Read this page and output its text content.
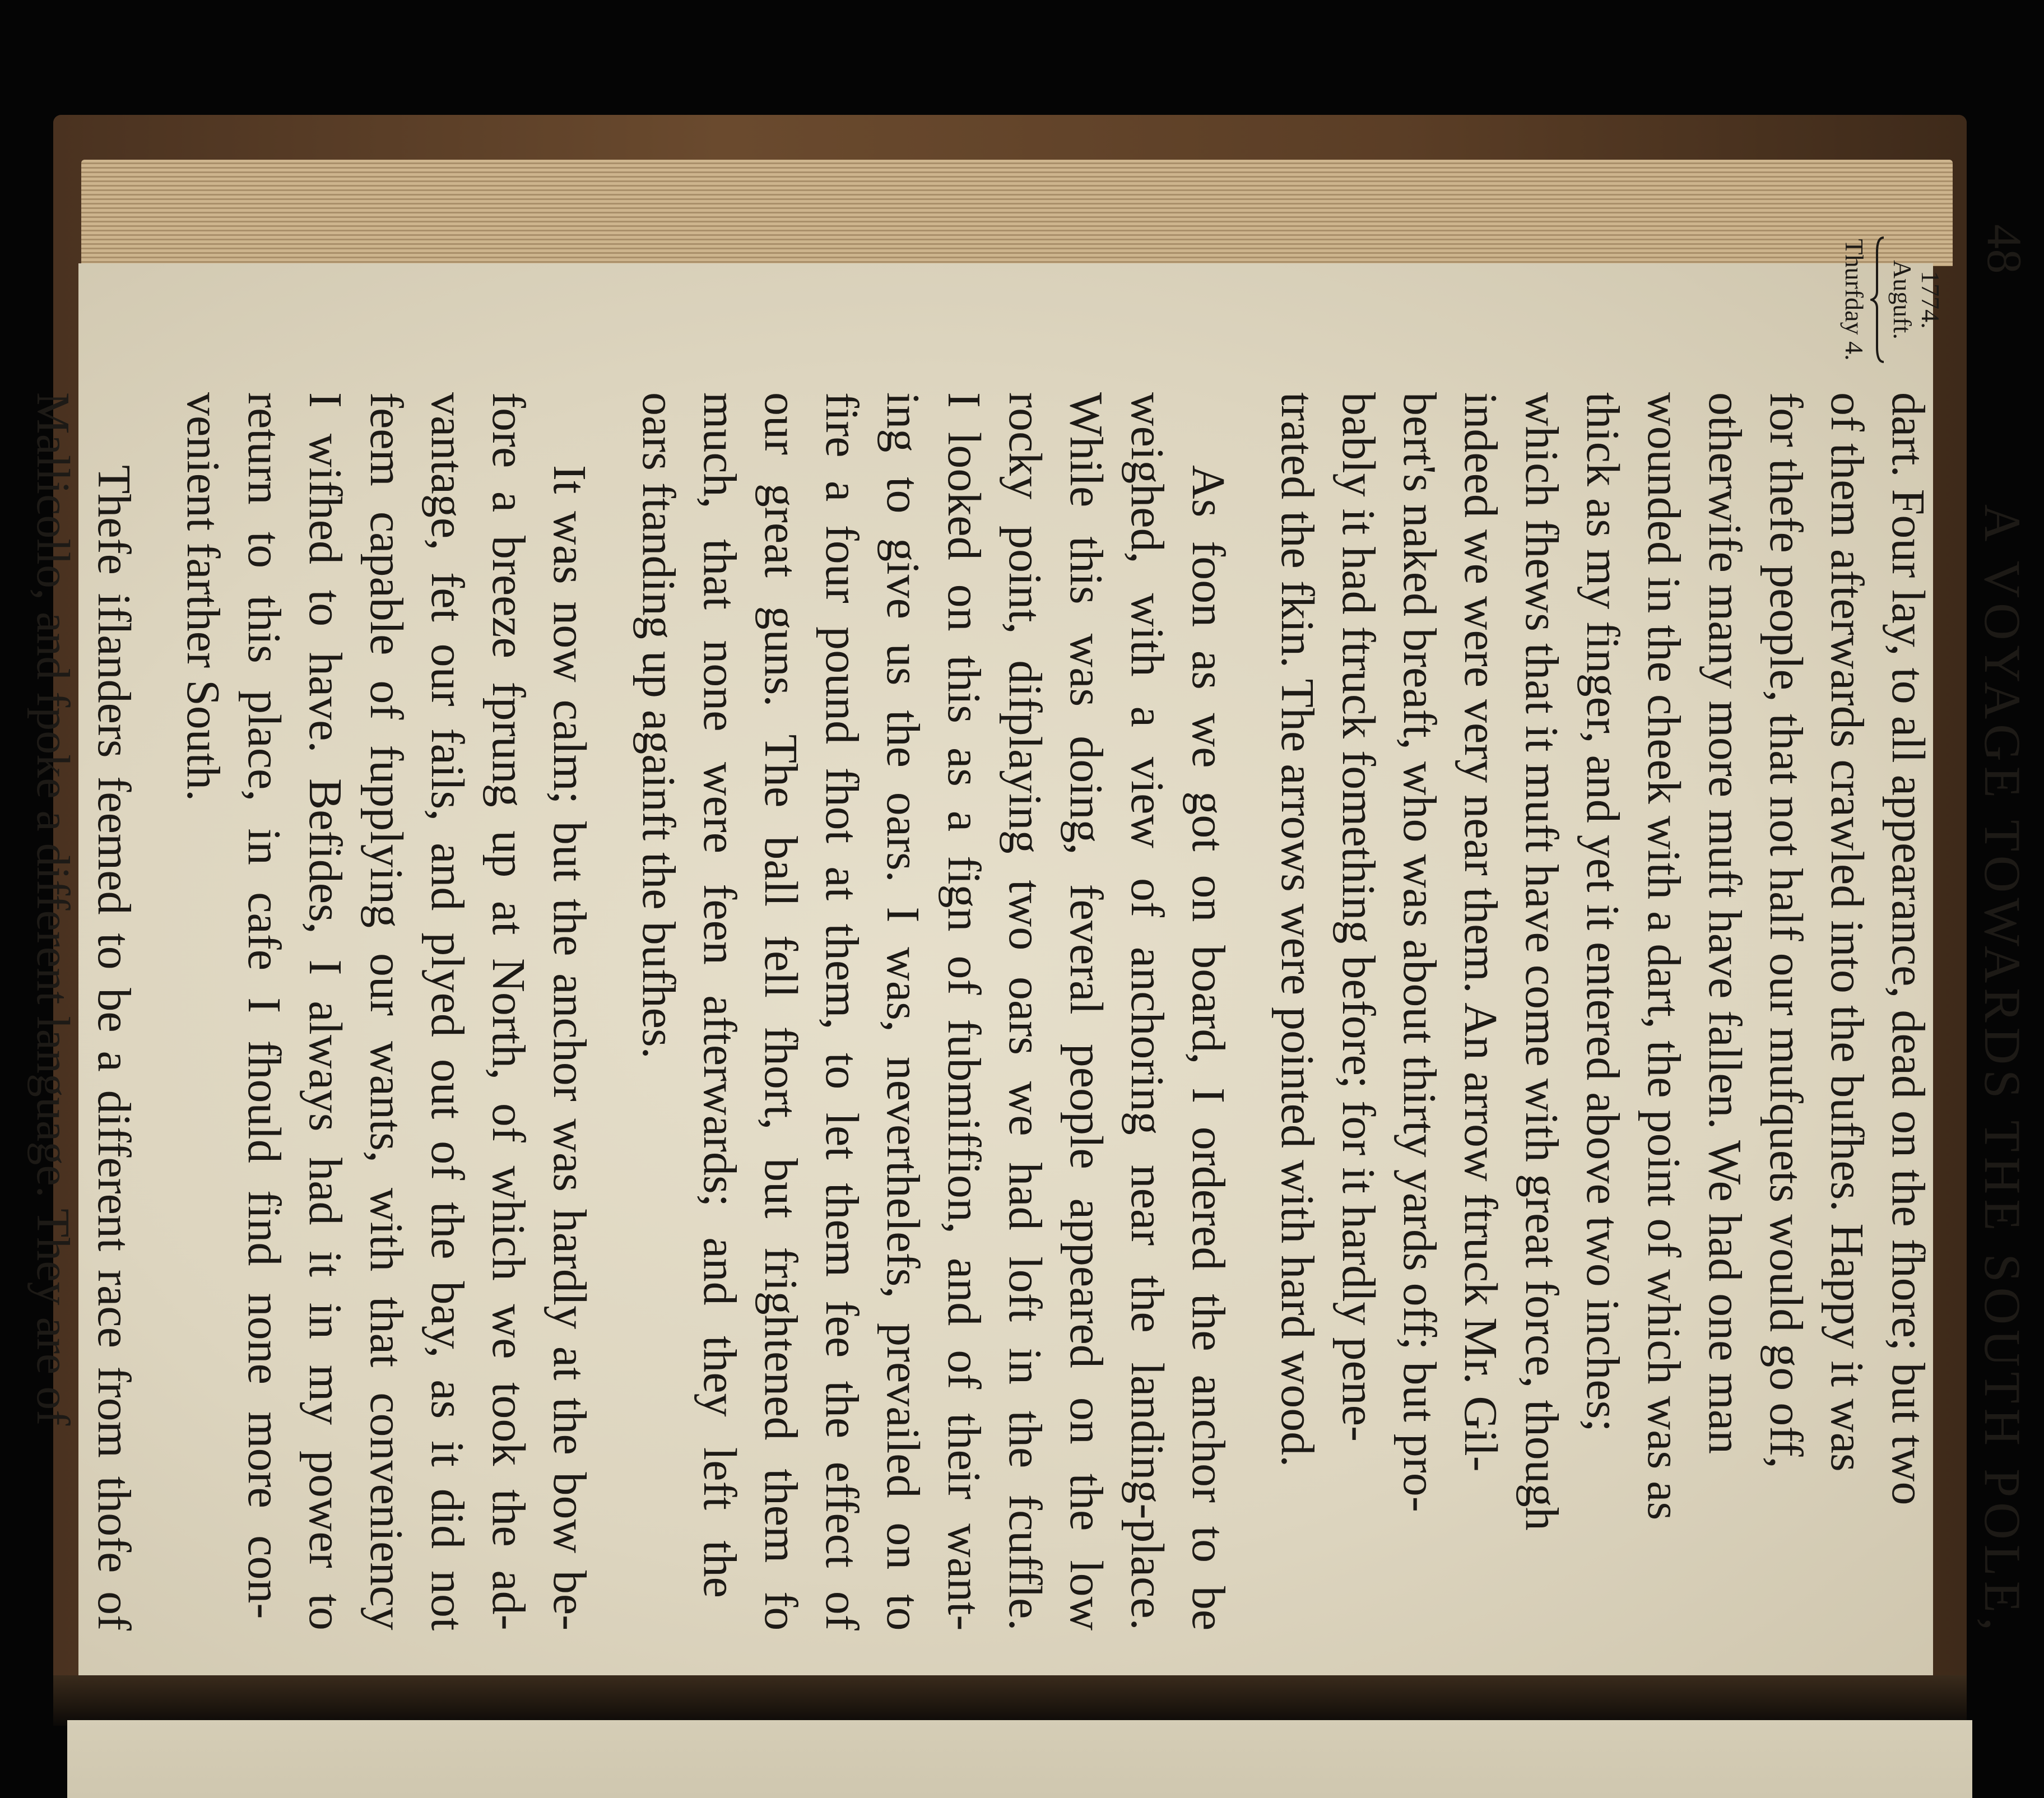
48
A VOYAGE TOWARDS THE SOUTH POLE,
1774.
Auguft.
Thurfday 4.
dart. Four lay, to all appearance, dead on the fhore; but two
of them afterwards crawled into the bufhes. Happy it was
for thefe people, that not half our mufquets would go off,
otherwife many more muft have fallen. We had one man
wounded in the cheek with a dart, the point of which was as
thick as my finger, and yet it entered above two inches;
which fhews that it muft have come with great force, though
indeed we were very near them. An arrow ftruck Mr. Gil-
bert's naked breaft, who was about thirty yards off; but pro-
bably it had ftruck fomething before; for it hardly pene-
trated the fkin. The arrows were pointed with hard wood.
As foon as we got on board, I ordered the anchor to be
weighed, with a view of anchoring near the landing-place.
While this was doing, feveral people appeared on the low
rocky point, difplaying two oars we had loft in the fcuffle.
I looked on this as a fign of fubmiffion, and of their want-
ing to give us the oars. I was, neverthelefs, prevailed on to
fire a four pound fhot at them, to let them fee the effect of
our great guns. The ball fell fhort, but frightened them fo
much, that none were feen afterwards; and they left the
oars ftanding up againft the bufhes.
It was now calm; but the anchor was hardly at the bow be-
fore a breeze fprung up at North, of which we took the ad-
vantage, fet our fails, and plyed out of the bay, as it did not
feem capable of fupplying our wants, with that conveniency
I wifhed to have. Befides, I always had it in my power to
return to this place, in cafe I fhould find none more con-
venient farther South.
Thefe iflanders feemed to be a different race from thofe of
Mallicollo, and fpoke a different language. They are of
